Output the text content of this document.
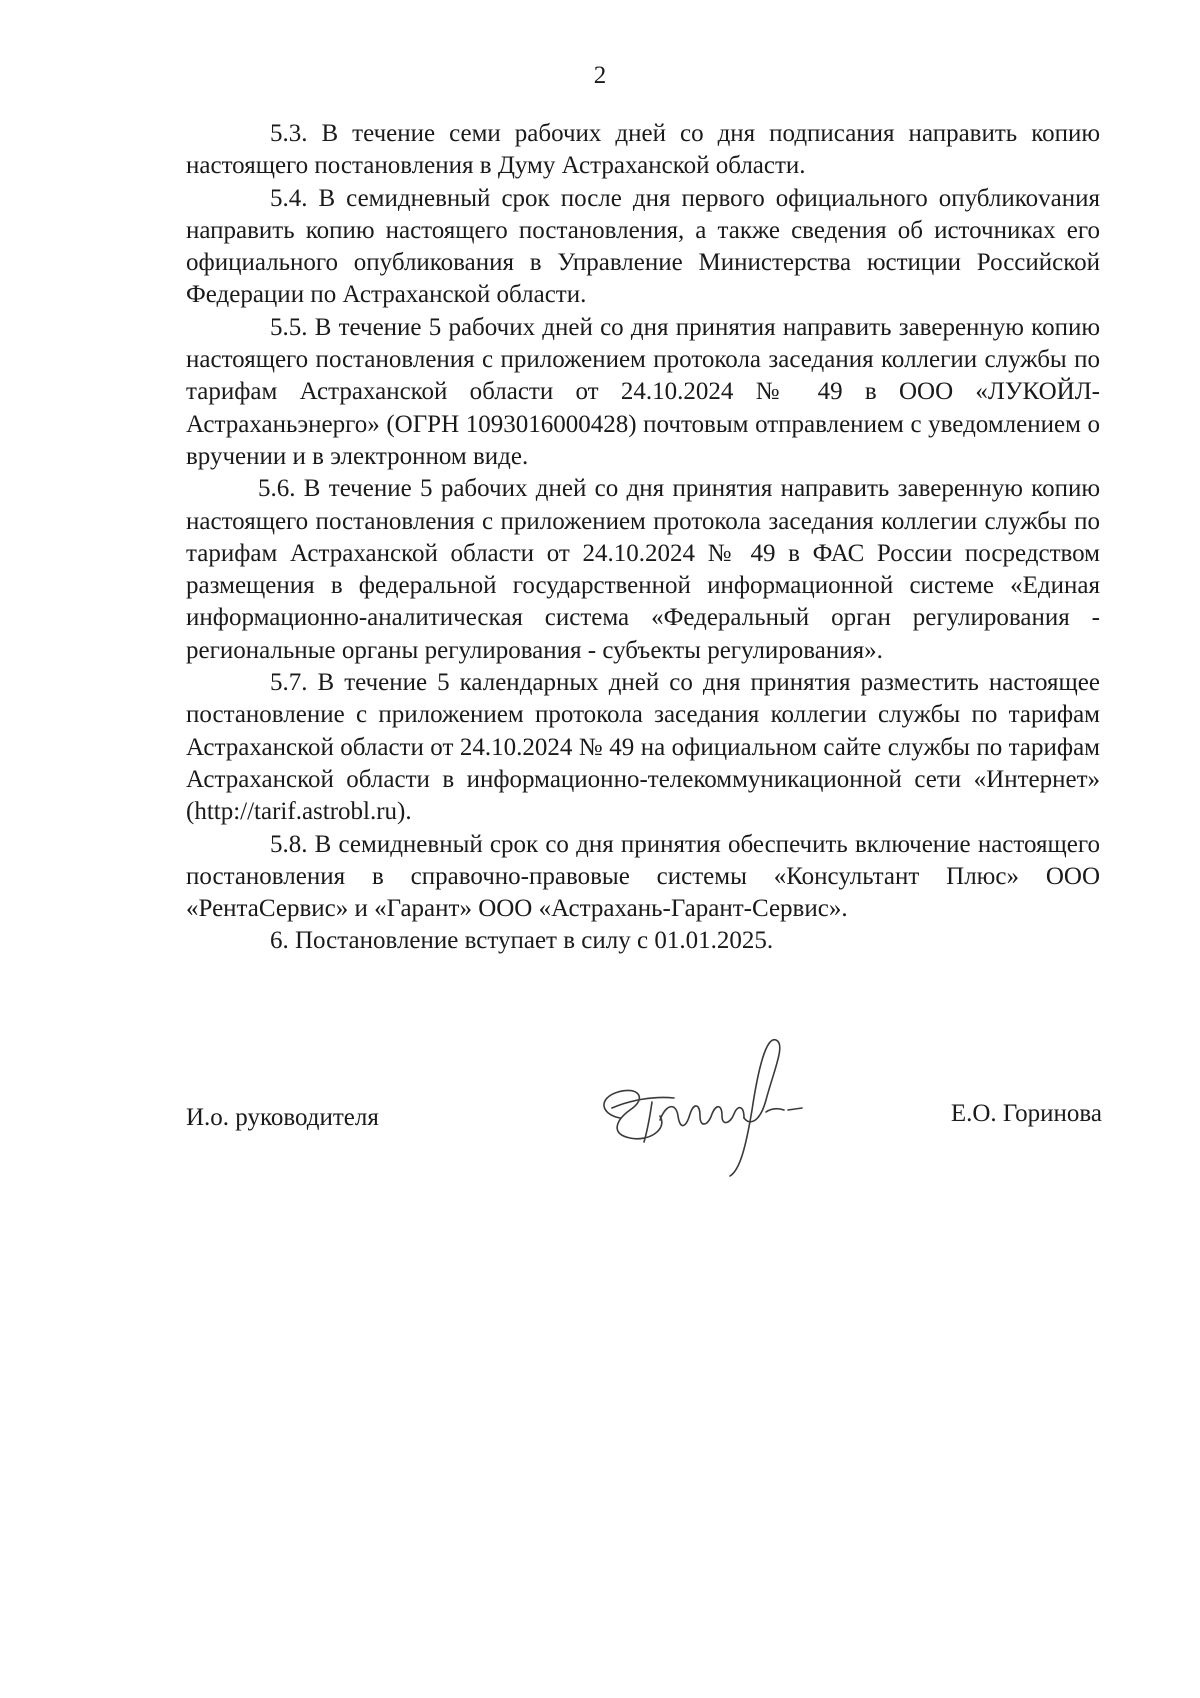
2

5.3. В течение семи рабочих дней со дня подписания направить копию настоящего постановления в Думу Астраханской области.

5.4. В семидневный срок после дня первого официального опубликоvания направить копию настоящего постановления, а также сведения об источниках его официального опубликования в Управление Министерства юстиции Российской Федерации по Астраханской области.

5.5. В течение 5 рабочих дней со дня принятия направить заверенную копию настоящего постановления с приложением протокола заседания коллегии службы по тарифам Астраханской области от 24.10.2024 № 49 в ООО «ЛУКОЙЛ-Астраханьэнерго» (ОГРН 1093016000428) почтовым отправлением с уведомлением о вручении и в электронном виде.

5.6. В течение 5 рабочих дней со дня принятия направить заверенную копию настоящего постановления с приложением протокола заседания коллегии службы по тарифам Астраханской области от 24.10.2024 № 49 в ФАС России посредством размещения в федеральной государственной информационной системе «Единая информационно-аналитическая система «Федеральный орган регулирования - региональные органы регулирования - субъекты регулирования».

5.7. В течение 5 календарных дней со дня принятия разместить настоящее постановление с приложением протокола заседания коллегии службы по тарифам Астраханской области от 24.10.2024 № 49 на официальном сайте службы по тарифам Астраханской области в информационно-телекоммуникационной сети «Интернет» (http://tarif.astrobl.ru).

5.8. В семидневный срок со дня принятия обеспечить включение настоящего постановления в справочно-правовые системы «Консультант Плюс» ООО «РентаСервис» и «Гарант» ООО «Астрахань-Гарант-Сервис».

6. Постановление вступает в силу с 01.01.2025.

И.о. руководителя	Е.О. Горинова
